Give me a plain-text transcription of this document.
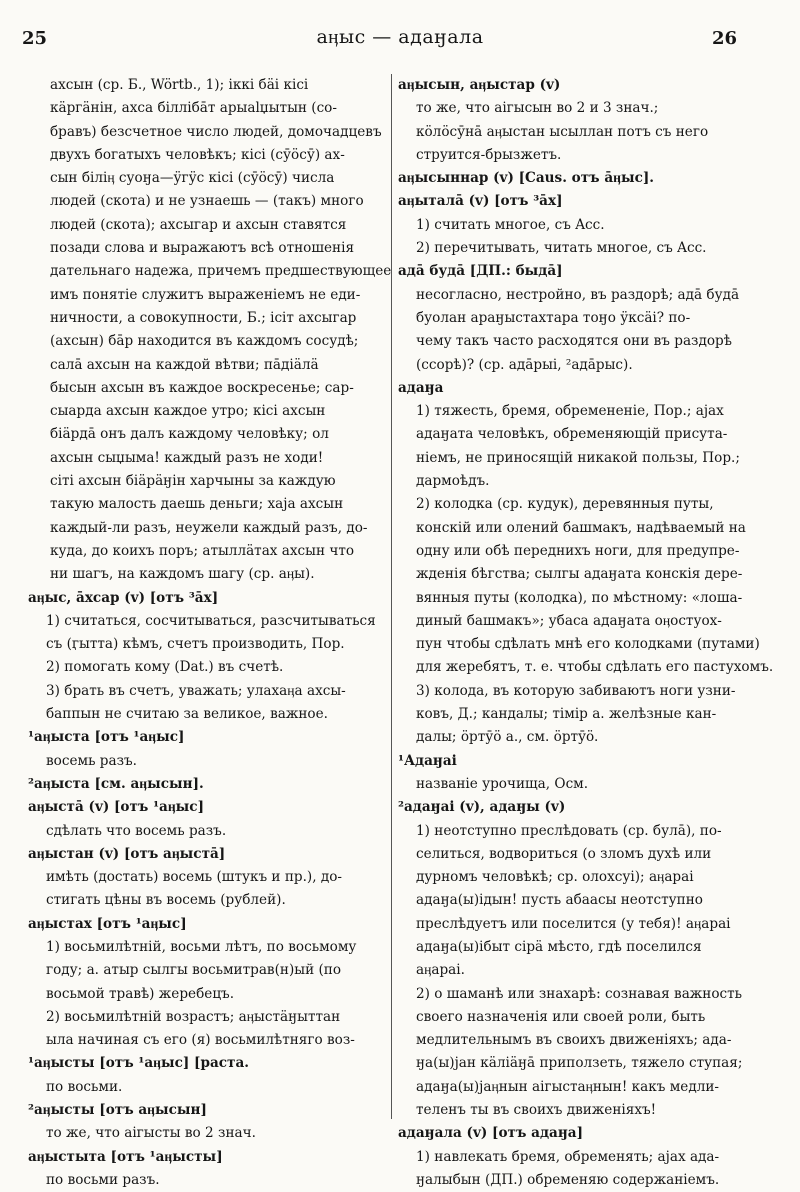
25	аӊыс — адаӈала	26

ахсын (ср. Б., Wörtb., 1); іккі бäі кісі

кäргäнін, ахса білліба̄т арыаlџытын (со-

бравъ) безсчетное число людей, домочадцевъ

двухъ богатыхъ человѣкъ; кісі (сӯöсӯ) ах-

сын біліӊ суоӈа—ӱгӱс кісі (сӯöсӯ) числа

людей (скота) и не узнаешь — (такъ) много

людей (скота); ахсыгар и ахсын ставятся

позади слова и выражаютъ всѣ отношенія

дательнаго надежа, причемъ предшествующее

имъ понятіе служитъ выраженіемъ не еди-

ничности, а совокупности, Б.; ісіт ахсыгар

(ахсын) ба̄р находится въ каждомъ сосудѣ;

сала̄ ахсын на каждой вѣтви; па̄діäлä

бысын ахсын въ каждое воскресенье; сар-

сыарда ахсын каждое утро; кісі ахсын

біäрда̄ онъ далъ каждому человѣку; ол

ахсын сыџыма! каждый разъ не ходи!

сіті ахсын біäрäӈін харчыны за каждую

такую малость даешь деньги; хаја ахсын

каждый-ли разъ, неужели каждый разъ, до-

куда, до коихъ поръ; атыллäтах ахсын что

ни шагъ, на каждомъ шагу (ср. аӊы).

аӊыс, а̄хсар (v) [отъ ³а̄х]

1) считаться, сосчитываться, разсчитываться

съ (ӷытта) кѣмъ, счетъ производить, Пор.

2) помогать кому (Dat.) въ счетѣ.

3) брать въ счетъ, уважать; улахаӊа ахсы-

баппын не считаю за великое, важное.

¹аӊыста [отъ ¹аӊыс]

восемь разъ.

²аӊыста [см. аӊысын].

аӊыста̄ (v) [отъ ¹аӊыс]

сдѣлать что восемь разъ.

аӊыстан (v) [отъ аӊыста̄]

имѣть (достать) восемь (штукъ и пр.), до-

стигать цѣны въ восемь (рублей).

аӊыстах [отъ ¹аӊыс]

1) восьмилѣтній, восьми лѣтъ, по восьмому

году; а. атыр сылгы восьмитрав(н)ый (по

восьмой травѣ) жеребецъ.

2) восьмилѣтній возрастъ; аӊыстäӈыттан

ыла начиная съ его (я) восьмилѣтняго воз-

¹аӊысты [отъ ¹аӊыс] [раста.

по восьми.

²аӊысты [отъ аӊысын]

то же, что аігысты во 2 знач.

аӊыстыта [отъ ¹аӊысты]

по восьми разъ.

аӊысын, аӊыстар (v)

то же, что аігысын во 2 и 3 знач.;

кöлöсӯна̄ аӊыстан ысыллан потъ съ него

струится-брызжетъ.

аӊысыннар (v) [Caus. отъ а̄ӊыс].

аӊытала̄ (v) [отъ ³а̄х]

1) считать многое, съ Acc.

2) перечитывать, читать многое, съ Acc.

ада̄ буда̄ [ДП.: быда̄]

несогласно, нестройно, въ раздорѣ; ада̄ буда̄

буолан араӈыстахтара тоӈо ӱксäі? по-

чему такъ часто расходятся они въ раздорѣ

(ссорѣ)? (ср. ада̄рыі, ²ада̄рыс).

адаӈа

1) тяжесть, бремя, обремененіе, Пор.; аjах

адаӈата человѣкъ, обременяющій присута-

ніемъ, не приносящій никакой пользы, Пор.;

дармоѣдъ.

2) колодка (ср. кудук), деревянныя путы,

конскій или олений башмакъ, надѣваемый на

одну или обѣ переднихъ ноги, для предупре-

жденія бѣгства; сылгы адаӈата конскія дере-

вянныя путы (колодка), по мѣстному: «лоша-

диный башмакъ»; убаса адаӈата оӊостуох-

пун чтобы сдѣлать мнѣ его колодками (путами)

для жеребятъ, т. е. чтобы сдѣлать его пастухомъ.

3) колода, въ которую забиваютъ ноги узни-

ковъ, Д.; кандалы; тімір а. желѣзные кан-

далы; öртӯö а., см. öртӯö.

¹Адаӈаі

названіе урочища, Осм.

²адаӈаі (v), адаӈы (v)

1) неотступно преслѣдовать (ср. була̄), по-

селиться, водвориться (о зломъ духѣ или

дурномъ человѣкѣ; ср. олохсуі); аӊараі

адаӈа(ы)ідын! пусть абаасы неотступно

преслѣдуетъ или поселится (у тебя)! аӊараі

адаӈа(ы)ібыт сірä мѣсто, гдѣ поселился

аӊараі.

2) о шаманѣ или знахарѣ: сознавая важность

своего назначенія или своей роли, быть

медлительнымъ въ своихъ движеніяхъ; ада-

ӈа(ы)јан кäліäӈа̄ приползеть, тяжело ступая;

адаӈа(ы)јаӊнын аігыстаӊнын! какъ медли-

теленъ ты въ своихъ движеніяхъ!

адаӈала (v) [отъ адаӈа]

1) навлекать бремя, обременять; аjах ада-

ӈалыбын (ДП.) обременяю содержаніемъ.
